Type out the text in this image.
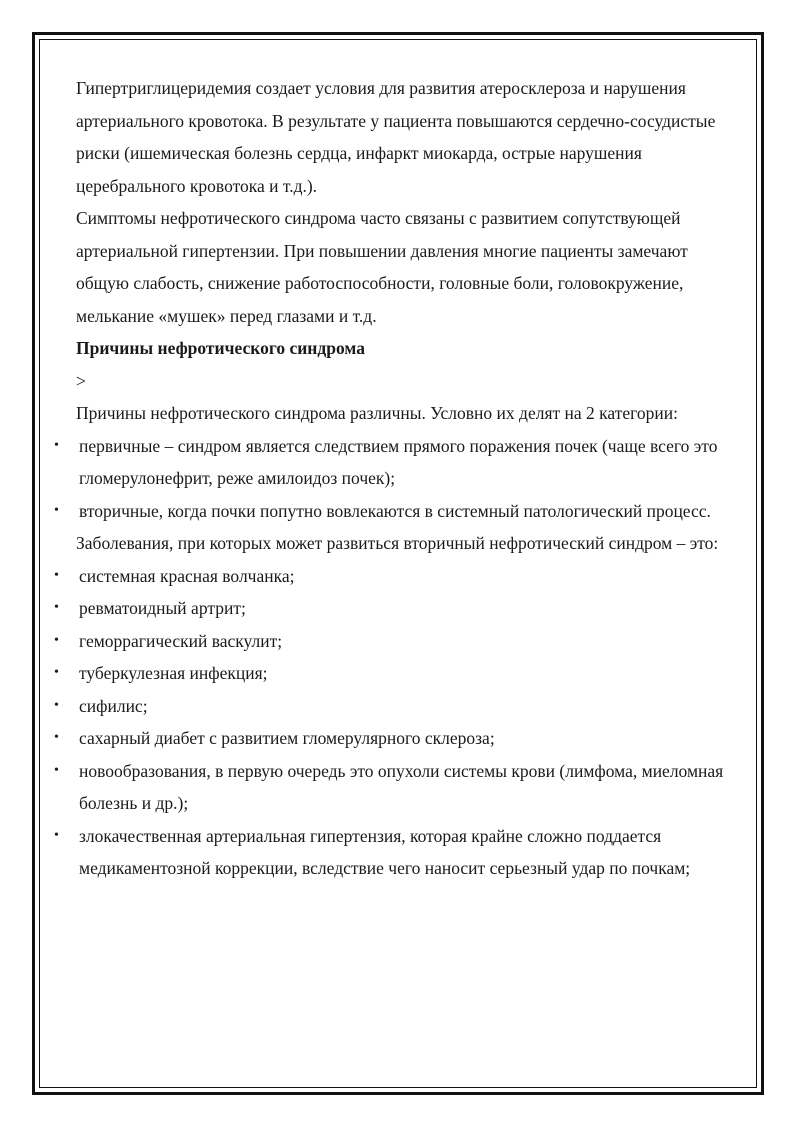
Гипертриглицеридемия создает условия для развития атеросклероза и нарушения артериального кровотока. В результате у пациента повышаются сердечно-сосудистые риски (ишемическая болезнь сердца, инфаркт миокарда, острые нарушения церебрального кровотока и т.д.).

Симптомы нефротического синдрома часто связаны с развитием сопутствующей артериальной гипертензии. При повышении давления многие пациенты замечают общую слабость, снижение работоспособности, головные боли, головокружение, мелькание «мушек» перед глазами и т.д.

Причины нефротического синдрома

>

Причины нефротического синдрома различны. Условно их делят на 2 категории:

• первичные – синдром является следствием прямого поражения почек (чаще всего это гломерулонефрит, реже амилоидоз почек);
• вторичные, когда почки попутно вовлекаются в системный патологический процесс.

Заболевания, при которых может развиться вторичный нефротический синдром – это:

• системная красная волчанка;
• ревматоидный артрит;
• геморрагический васкулит;
• туберкулезная инфекция;
• сифилис;
• сахарный диабет с развитием гломерулярного склероза;
• новообразования, в первую очередь это опухоли системы крови (лимфома, миеломная болезнь и др.);
• злокачественная артериальная гипертензия, которая крайне сложно поддается медикаментозной коррекции, вследствие чего наносит серьезный удар по почкам;
